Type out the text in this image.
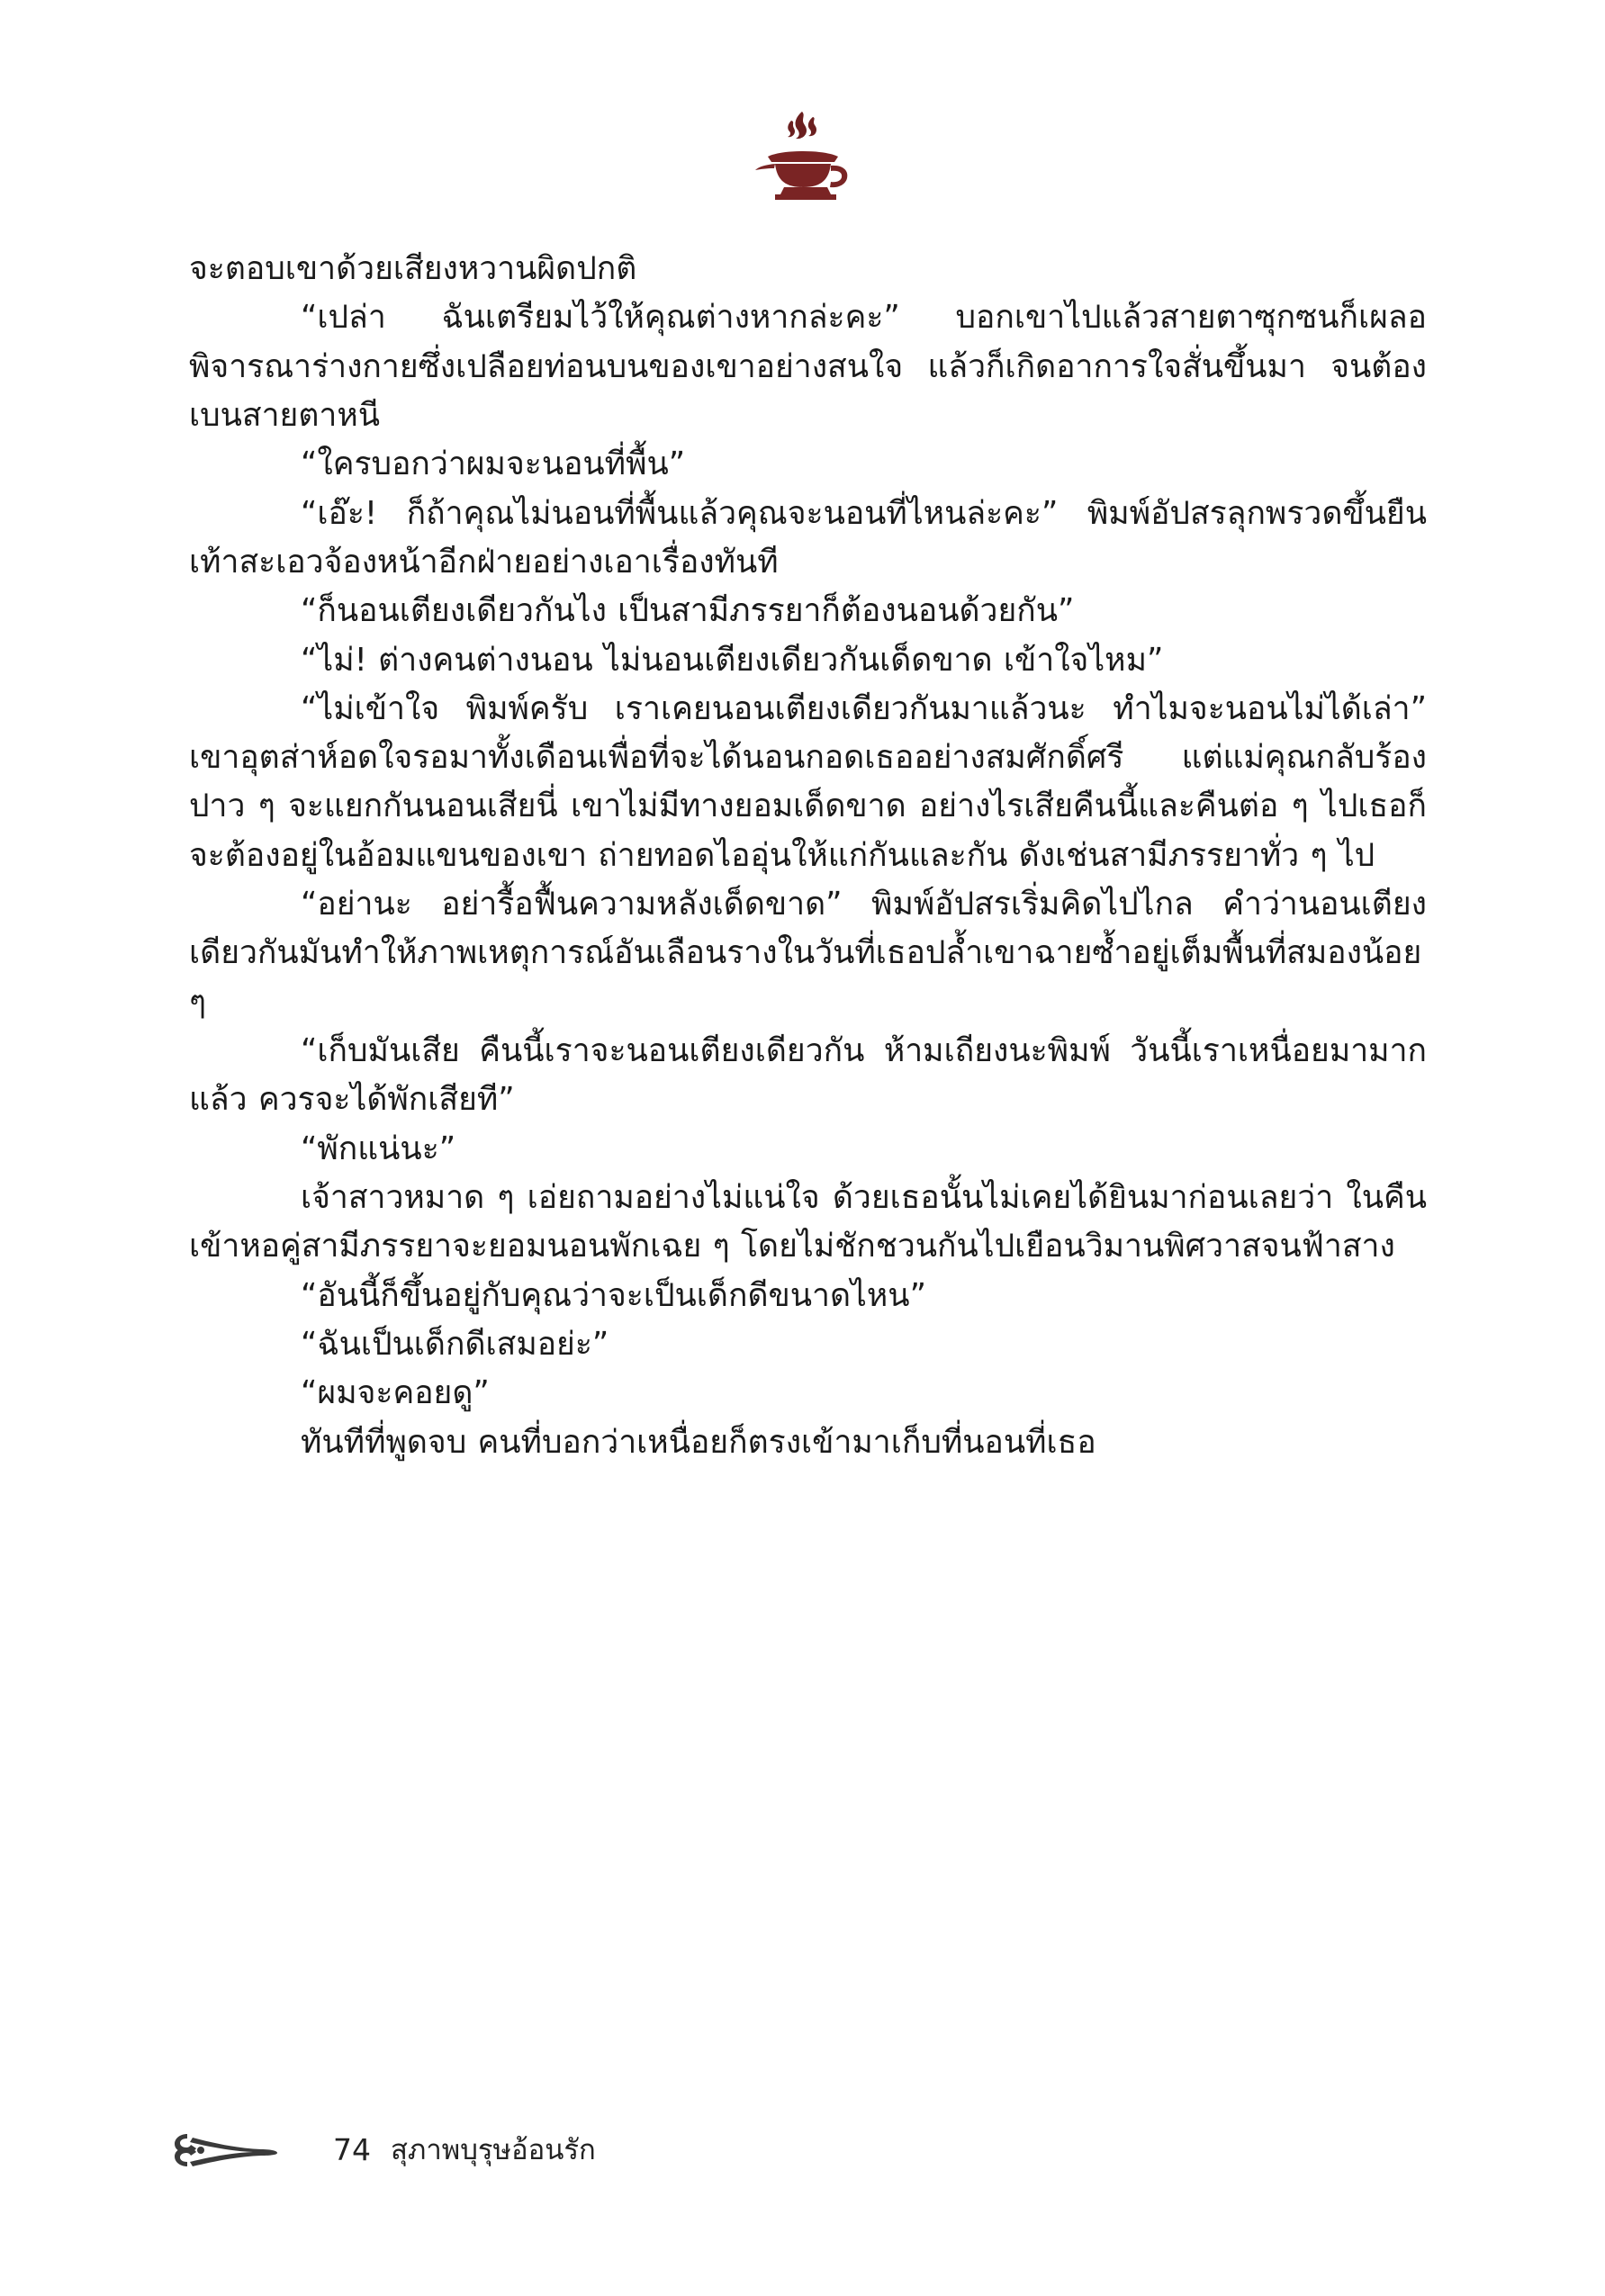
จะตอบเขาด้วยเสียงหวานผิดปกติ

“เปล่า ฉันเตรียมไว้ให้คุณต่างหากล่ะคะ” บอกเขาไปแล้วสายตาซุกซนก็เผลอพิจารณาร่างกายซึ่งเปลือยท่อนบนของเขาอย่างสนใจ แล้วก็เกิดอาการใจสั่นขึ้นมา จนต้องเบนสายตาหนี

“ใครบอกว่าผมจะนอนที่พื้น”

“เอ๊ะ! ก็ถ้าคุณไม่นอนที่พื้นแล้วคุณจะนอนที่ไหนล่ะคะ” พิมพ์อัปสรลุกพรวดขึ้นยืนเท้าสะเอวจ้องหน้าอีกฝ่ายอย่างเอาเรื่องทันที

“ก็นอนเตียงเดียวกันไง เป็นสามีภรรยาก็ต้องนอนด้วยกัน”

“ไม่! ต่างคนต่างนอน ไม่นอนเตียงเดียวกันเด็ดขาด เข้าใจไหม”

“ไม่เข้าใจ พิมพ์ครับ เราเคยนอนเตียงเดียวกันมาแล้วนะ ทำไมจะนอนไม่ได้เล่า” เขาอุตส่าห์อดใจรอมาทั้งเดือนเพื่อที่จะได้นอนกอดเธออย่างสมศักดิ์ศรี แต่แม่คุณกลับร้องปาว ๆ จะแยกกันนอนเสียนี่ เขาไม่มีทางยอมเด็ดขาด อย่างไรเสียคืนนี้และคืนต่อ ๆ ไปเธอก็จะต้องอยู่ในอ้อมแขนของเขา ถ่ายทอดไออุ่นให้แก่กันและกัน ดังเช่นสามีภรรยาทั่ว ๆ ไป

“อย่านะ อย่ารื้อฟื้นความหลังเด็ดขาด” พิมพ์อัปสรเริ่มคิดไปไกล คำว่านอนเตียงเดียวกันมันทำให้ภาพเหตุการณ์อันเลือนรางในวันที่เธอปล้ำเขาฉายซ้ำอยู่เต็มพื้นที่สมองน้อย ๆ

“เก็บมันเสีย คืนนี้เราจะนอนเตียงเดียวกัน ห้ามเถียงนะพิมพ์ วันนี้เราเหนื่อยมามากแล้ว ควรจะได้พักเสียที”

“พักแน่นะ”

เจ้าสาวหมาด ๆ เอ่ยถามอย่างไม่แน่ใจ ด้วยเธอนั้นไม่เคยได้ยินมาก่อนเลยว่า ในคืนเข้าหอคู่สามีภรรยาจะยอมนอนพักเฉย ๆ โดยไม่ชักชวนกันไปเยือนวิมานพิศวาสจนฟ้าสาง

“อันนี้ก็ขึ้นอยู่กับคุณว่าจะเป็นเด็กดีขนาดไหน”

“ฉันเป็นเด็กดีเสมอย่ะ”

“ผมจะคอยดู”

ทันทีที่พูดจบ คนที่บอกว่าเหนื่อยก็ตรงเข้ามาเก็บที่นอนที่เธอ

74 สุภาพบุรุษอ้อนรัก
